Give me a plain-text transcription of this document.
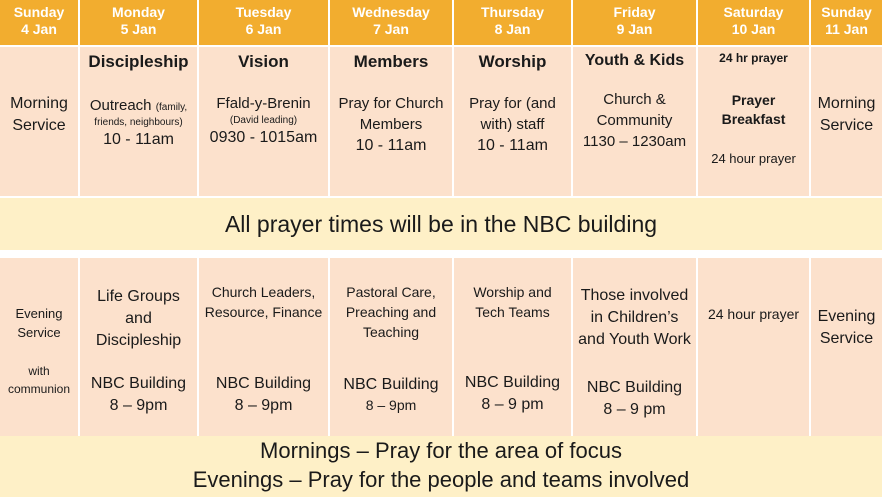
Sunday
4 Jan
Monday
5 Jan
Tuesday
6 Jan
Wednesday
7 Jan
Thursday
8 Jan
Friday
9 Jan
Saturday
10 Jan
Sunday
11 Jan
Morning
Service
Discipleship
Outreach (family,
friends, neighbours)
10 - 11am
Vision
Ffald-y-Brenin
(David leading)
0930 - 1015am
Members
Pray for Church
Members
10 - 11am
Worship
Pray for (and
with) staff
10 - 11am
Youth & Kids
Church &
Community
1130 – 1230am
24 hr prayer
Prayer
Breakfast
24 hour prayer
Morning
Service
All prayer times will be in the NBC building
Evening
Service
with
communion
Life Groups
and
Discipleship
NBC Building
8 – 9pm
Church Leaders,
Resource, Finance
NBC Building
8 – 9pm
Pastoral Care,
Preaching and
Teaching
NBC Building
8 – 9pm
Worship and
Tech Teams
NBC Building
8 – 9 pm
Those involved
in Children’s
and Youth Work
NBC Building
8 – 9 pm
24 hour prayer	Evening
Service
Mornings – Pray for the area of focus
Evenings – Pray for the people and teams involved
